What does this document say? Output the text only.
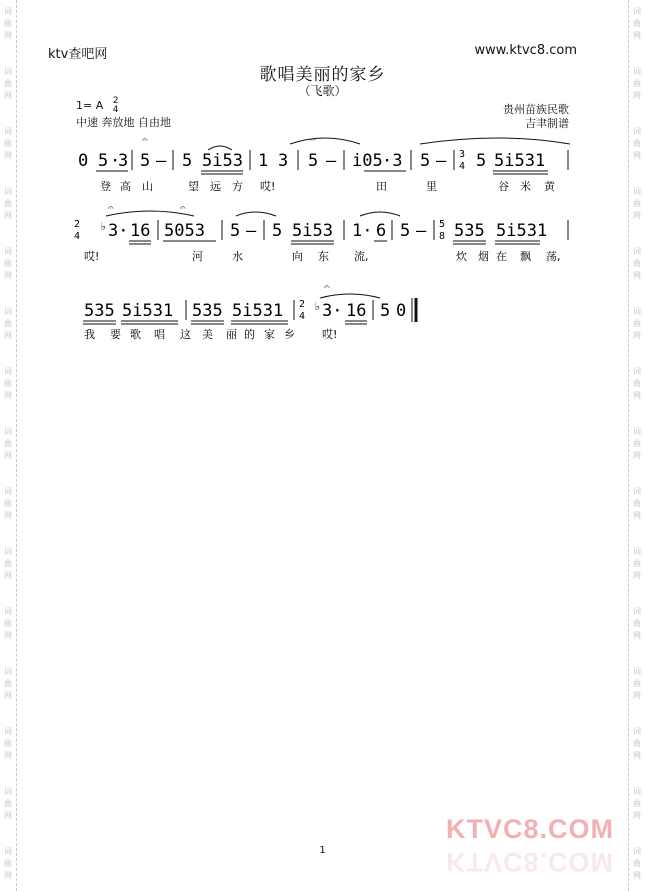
词
曲
网
词
曲
网
词
曲
网
词
曲
网
词
曲
网
词
曲
网
词
曲
网
词
曲
网
词
曲
网
词
曲
网
词
曲
网
词
曲
网
词
曲
网
词
曲
网
词
曲
网
词
曲
网
词
曲
网
词
曲
网
词
曲
网
词
曲
网
词
曲
网
词
曲
网
词
曲
网
词
曲
网
词
曲
网
词
曲
网
词
曲
网
词
曲
网
词
曲
网
词
曲
网
ktv查吧网	www.ktvc8.com
歌唱美丽的家乡
（飞歌）
1= A 2
4
中速 奔放地 自由地
贵州苗族民歌
吉聿制谱
0 5 ·
3 5 – 5 5i53 1 3 5 – i05 ·3 5 – 3
4 5 5i531
𝄐	𝄐
登 高 山	望 远 方 哎!	田	里	谷 米 黄
2
4
♭ 3· 16 5053 5 – 5 5i53 1· 6 5 – 5
8 535 5i531
𝄐	𝄐
哎!	河	水	向 东 流,	炊 烟 在 飘 荡,
535 5i531 535 5i531 2
4
♭ 3· 16 5 0
𝄐
我 要 歌 唱 这 美 丽 的 家 乡 哎!
1
KTVC8.COM
KTVC8.COM
